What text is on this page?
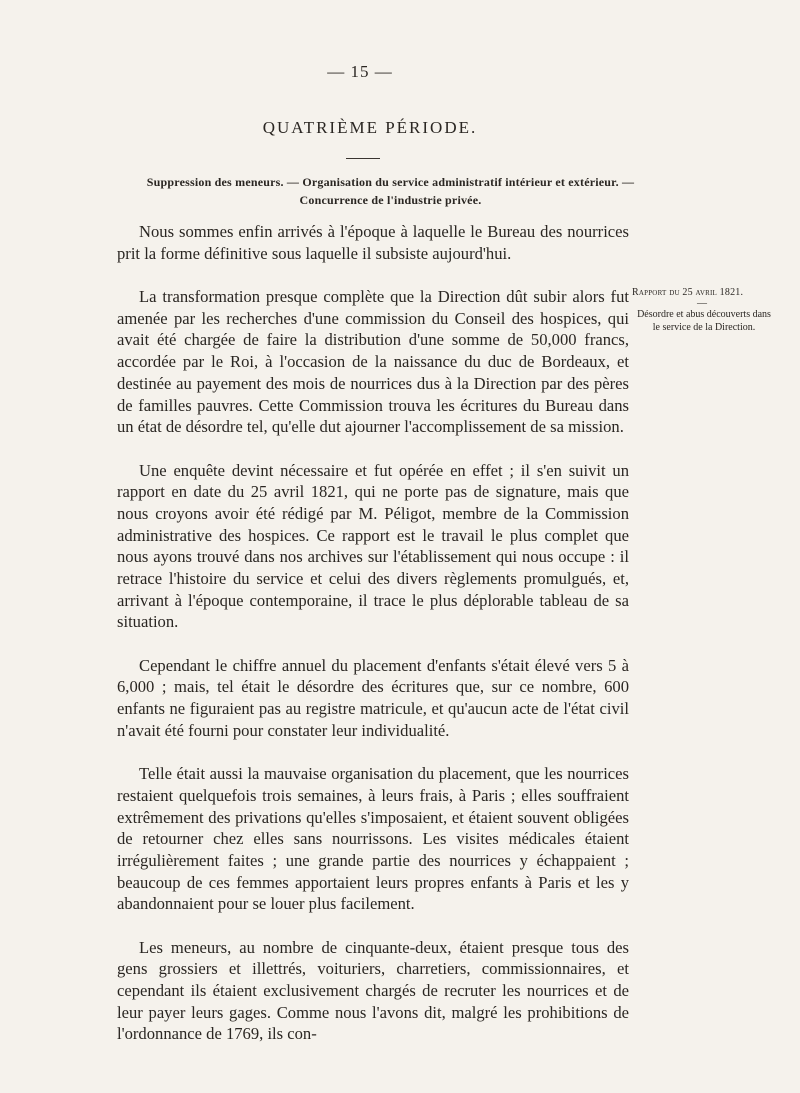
— 15 —
QUATRIÈME PÉRIODE.
Suppression des meneurs. — Organisation du service administratif intérieur et extérieur. — Concurrence de l'industrie privée.

Nous sommes enfin arrivés à l'époque à laquelle le Bureau des nourrices prit la forme définitive sous laquelle il subsiste aujourd'hui.

La transformation presque complète que la Direction dût subir alors fut amenée par les recherches d'une commission du Conseil des hospices, qui avait été chargée de faire la distribution d'une somme de 50,000 francs, accordée par le Roi, à l'occasion de la naissance du duc de Bordeaux, et destinée au payement des mois de nourrices dus à la Direction par des pères de familles pauvres. Cette Commission trouva les écritures du Bureau dans un état de désordre tel, qu'elle dut ajourner l'accomplissement de sa mission.

Une enquête devint nécessaire et fut opérée en effet ; il s'en suivit un rapport en date du 25 avril 1821, qui ne porte pas de signature, mais que nous croyons avoir été rédigé par M. Péligot, membre de la Commission administrative des hospices. Ce rapport est le travail le plus complet que nous ayons trouvé dans nos archives sur l'établissement qui nous occupe : il retrace l'histoire du service et celui des divers règlements promulgués, et, arrivant à l'époque contemporaine, il trace le plus déplorable tableau de sa situation.

Cependant le chiffre annuel du placement d'enfants s'était élevé vers 5 à 6,000 ; mais, tel était le désordre des écritures que, sur ce nombre, 600 enfants ne figuraient pas au registre matricule, et qu'aucun acte de l'état civil n'avait été fourni pour constater leur individualité.

Telle était aussi la mauvaise organisation du placement, que les nourrices restaient quelquefois trois semaines, à leurs frais, à Paris ; elles souffraient extrêmement des privations qu'elles s'imposaient, et étaient souvent obligées de retourner chez elles sans nourrissons. Les visites médicales étaient irrégulièrement faites ; une grande partie des nourrices y échappaient ; beaucoup de ces femmes apportaient leurs propres enfants à Paris et les y abandonnaient pour se louer plus facilement.

Les meneurs, au nombre de cinquante-deux, étaient presque tous des gens grossiers et illettrés, voituriers, charretiers, commissionnaires, et cependant ils étaient exclusivement chargés de recruter les nourrices et de leur payer leurs gages. Comme nous l'avons dit, malgré les prohibitions de l'ordonnance de 1769, ils con-

Rapport du 25 avril 1821.
—
Désordre et abus découverts dans le service de la Direction.
